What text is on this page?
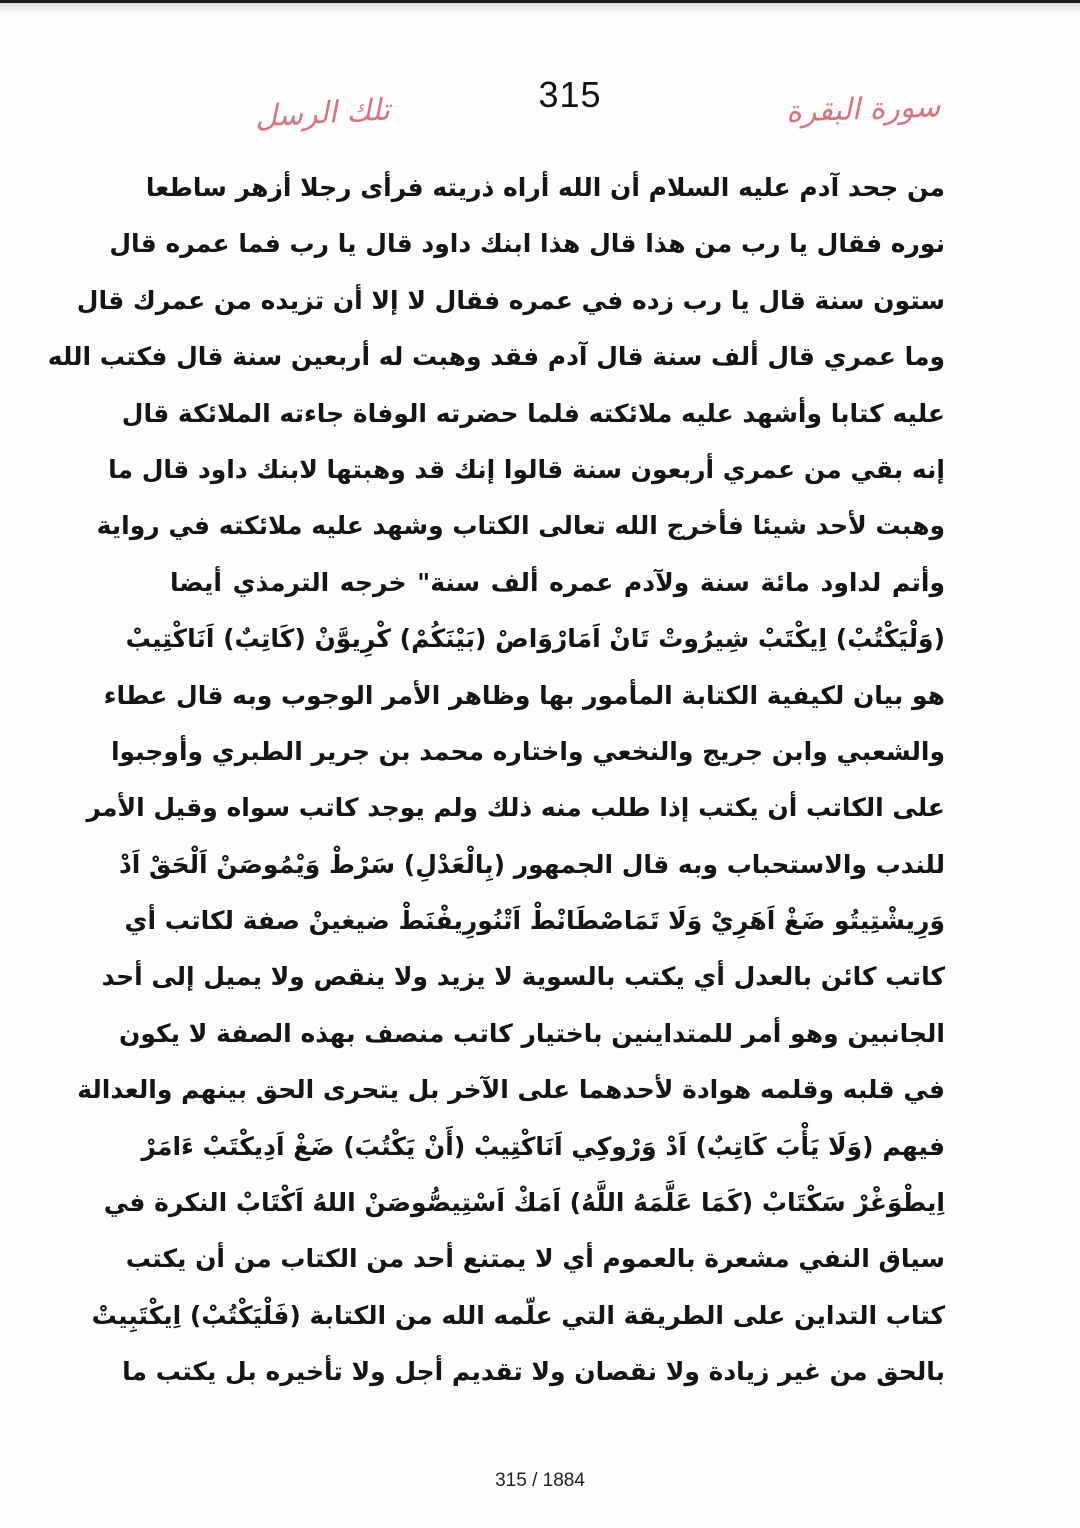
315	سورة البقرة
تلك الرسل
من جحد آدم عليه السلام أن الله أراه ذريته فرأى رجلا أزهر ساطعا
نوره فقال يا رب من هذا قال هذا ابنك داود قال يا رب فما عمره قال
ستون سنة قال يا رب زده في عمره فقال لا إلا أن تزيده من عمرك قال
وما عمري قال ألف سنة قال آدم فقد وهبت له أربعين سنة قال فكتب الله
عليه كتابا وأشهد عليه ملائكته فلما حضرته الوفاة جاءته الملائكة قال
إنه بقي من عمري أربعون سنة قالوا إنك قد وهبتها لابنك داود قال ما
وهبت لأحد شيئا فأخرج الله تعالى الكتاب وشهد عليه ملائكته في رواية
وأتم لداود مائة سنة ولآدم عمره ألف سنة" خرجه الترمذي أيضا
(وَلْيَكْتُبْ) اِيكْتَبْ شِيرُوتْ تَانْ اَمَارْوَاصْ (بَيْنَكُمْ) كْرِيوَّنْ (كَاتِبٌ) اَنَاكْتِيبْ
هو بيان لكيفية الكتابة المأمور بها وظاهر الأمر الوجوب وبه قال عطاء
والشعبي وابن جريج والنخعي واختاره محمد بن جرير الطبري وأوجبوا
على الكاتب أن يكتب إذا طلب منه ذلك ولم يوجد كاتب سواه وقيل الأمر
للندب والاستحباب وبه قال الجمهور (بِالْعَدْلِ) سَرْطْ وَيْمُوصَنْ اَلْحَقْ اَدْ
وَرِيشْتِيتُو ضَغْ اَهَرِيْ وَلَا تَمَاصْطَانْطْ اَتْنُورِيفْنَطْ ضيغينْ صفة لكاتب أي
كاتب كائن بالعدل أي يكتب بالسوية لا يزيد ولا ينقص ولا يميل إلى أحد
الجانبين وهو أمر للمتداينين باختيار كاتب منصف بهذه الصفة لا يكون
في قلبه وقلمه هوادة لأحدهما على الآخر بل يتحرى الحق بينهم والعدالة
فيهم (وَلَا يَأْبَ كَاتِبٌ) اَدْ وَرْوكِي اَنَاكْتِيبْ (أَنْ يَكْتُبَ) ضَغْ اَدِيكْتَبْ ءَامَرْ
اِيطْوَغْرْ سَكْتَابْ (كَمَا عَلَّمَهُ اللَّهُ) اَمَكْ اَسْتِيصُّوصَنْ اللهُ اَكْتَابْ النكرة في
سياق النفي مشعرة بالعموم أي لا يمتنع أحد من الكتاب من أن يكتب
كتاب التداين على الطريقة التي علّمه الله من الكتابة (فَلْيَكْتُبْ) اِيكْتَبِيتْ
بالحق من غير زيادة ولا نقصان ولا تقديم أجل ولا تأخيره بل يكتب ما
315 / 1884
